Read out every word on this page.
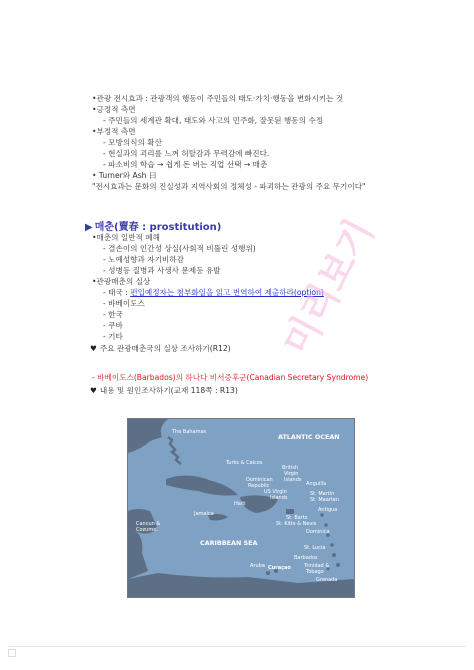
•관광 전시효과 : 관광객의 행동이 주민들의 태도·가치·행동을 변화시키는 것
•긍정적 측면
- 주민들의 세계관 확대, 태도와 사고의 민주화, 잘못된 행동의 수정
•부정적 측면
- 모방의식의 확산
- 현실과의 괴리를 느껴 허탈감과 무력감에 빠진다.
- 파소비의 학습 → 쉽게 돈 버는 직업 선택 → 매춘
• Turner와 Ash 曰
"전시효과는 문화의 진실성과 지역사회의 정체성 - 파괴하는 관광의 주요 무기이다"
▶ 매춘(賣春 : prostitution)
•매춘의 일반적 폐해
- 결손이의 인간성 상실(사회적 비뚤린 성행위)
- 노예성향과 자기비하감
- 성병등 질병과 사생사 문제등 유발
•관광매춘의 실상
- 태국 : 편입예정자는 첨부화일을 읽고 번역하여 제출하라(option)
- 바베이도스
- 한국
- 쿠바
- 기타
♥ 주요 관광매춘국의 실상 조사하기(R12)
- 바베이도스(Barbados)의 하나다 비서증후군(Canadian Secretary Syndrome)
♥ 내용 및 원인조사하기(교재 118쪽 : R13)
ATLANTIC OCEAN
CARIBBEAN SEA
The Bahamas
Turks & Caicos
British
Virgin
Islands
Dominican
Republic
US Virgin
Islands
Anguilla
St. Martin
St. Maarten
Antigua
Haiti
Jamaica
Cancun &
Cozumel
St. Barts
St. Kitts & Nevis
Dominica
St. Lucia
Barbados
Trinidad &
Tobago
Aruba Curaçao
Grenada
미리보기
